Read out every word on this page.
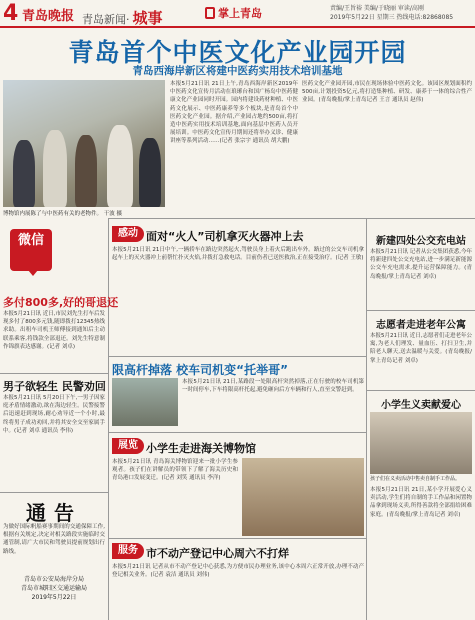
4 青岛晚报 青岛新闻· 城事	掌上青岛	责编/王旨裕 美编/于晓丽 审读/高刚
2019年5月22日 星期三 热线电话:82868085
青岛首个中医文化产业园开园
青岛西海岸新区将建中医药实用技术培训基地
博物馆内展陈了与中医药有关的老物件。 干波 摄
本报5月21日讯 21日上午,青岛西海岸新区2019年中医药文化宣传月活动在琅琊台和国广杨岛中医药健康文化产业园同时开园。园内将建设药材种植、中医药文化展示、中医药康养等多个板块,是青岛首个中医药文化产业园。据介绍,产业园占地约500亩,将打造中医药实用技术培训基地,面向基层中医药人员开展培训。中医药文化宣传月期间还将举办义诊、健康讲座等系列活动……(记者 张宗宇 通讯员 胡大鹏)
微信
多付800多,好的哥退还
本报5月21日讯 近日,市民刘先生打车后发现多付了800多元钱,随即拨打12345热线求助。出租车司机王师傅接到通知后主动联系乘客,将钱款全部退还。刘先生特意制作锦旗表达感谢。(记者 刘卓)
男子欲轻生 民警劝回
本报5月21日讯 5月20日下午,一男子因家庭矛盾情绪激动,欲在海边轻生。民警接警后迅速赶到现场,耐心劝导近一个小时,最终将男子成功劝回,并将其安全交至家属手中。(记者 刘卓 通讯员 李伟)
通告
为做好国际帆船赛事期间的交通保障工作,根据有关规定,决定对相关路段实施临时交通管制,请广大市民和驾驶员提前规划出行路线。
青岛市公安局海岸分局
青岛市城阳区交通运输局
2019年5月22日
感动 面对“火人”司机拿灭火器冲上去
本报5月21日讯 21日中午,一辆轿车在路边突然起火,驾驶员身上着火后跑出车外。路过的公交车司机拿起车上的灭火器冲上前帮忙扑灭火焰,并拨打急救电话。目前伤者已送医救治,正在接受治疗。(记者 王敏)
限高杆掉落 校车司机变“托举哥”
本报5月21日讯 21日,某路段一处限高杆突然掉落,正在行驶的校车司机第一时间停车,下车将限高杆托起,避免砸向后方车辆和行人,直至交警赶到。
展览 小学生走进海关博物馆
本报5月21日讯 青岛海关博物馆迎来一批小学生参观者。孩子们在讲解员的带领下了解了海关历史和青岛港口发展变迁。(记者 刘笑 通讯员 李洋)
服务 市不动产登记中心周六不打烊
本报5月21日讯 记者从市不动产登记中心获悉,为方便市民办理业务,该中心本周六正常开放,办理不动产登记相关业务。(记者 袁洁 通讯员 刘伟)
医药文化产业园开园,市民在现场体验中医药文化。该园区规划面积约500亩,计划投资5亿元,将打造集种植、研发、康养于一体的综合性产业园。(青岛晚报/掌上青岛记者 王言 通讯员 赵伟)
新建四处公交充电站
本报5月21日讯 记者从公交集团获悉,今年将新建四处公交充电站,进一步满足新能源公交车充电需求,提升运营保障能力。(青岛晚报/掌上青岛记者 刘卓)
志愿者走进老年公寓
本报5月21日讯 近日,志愿者们走进老年公寓,为老人们理发、量血压、打扫卫生,并陪老人聊天,送去温暖与关爱。(青岛晚报/掌上青岛记者 刘卓)
小学生义卖献爱心
孩子们在义卖活动中售卖自制手工作品。
本报5月21日讯 21日,某小学开展爱心义卖活动,学生们将自制的手工作品和闲置物品拿到现场义卖,所得善款将全部捐给困难家庭。(青岛晚报/掌上青岛记者 刘卓)
